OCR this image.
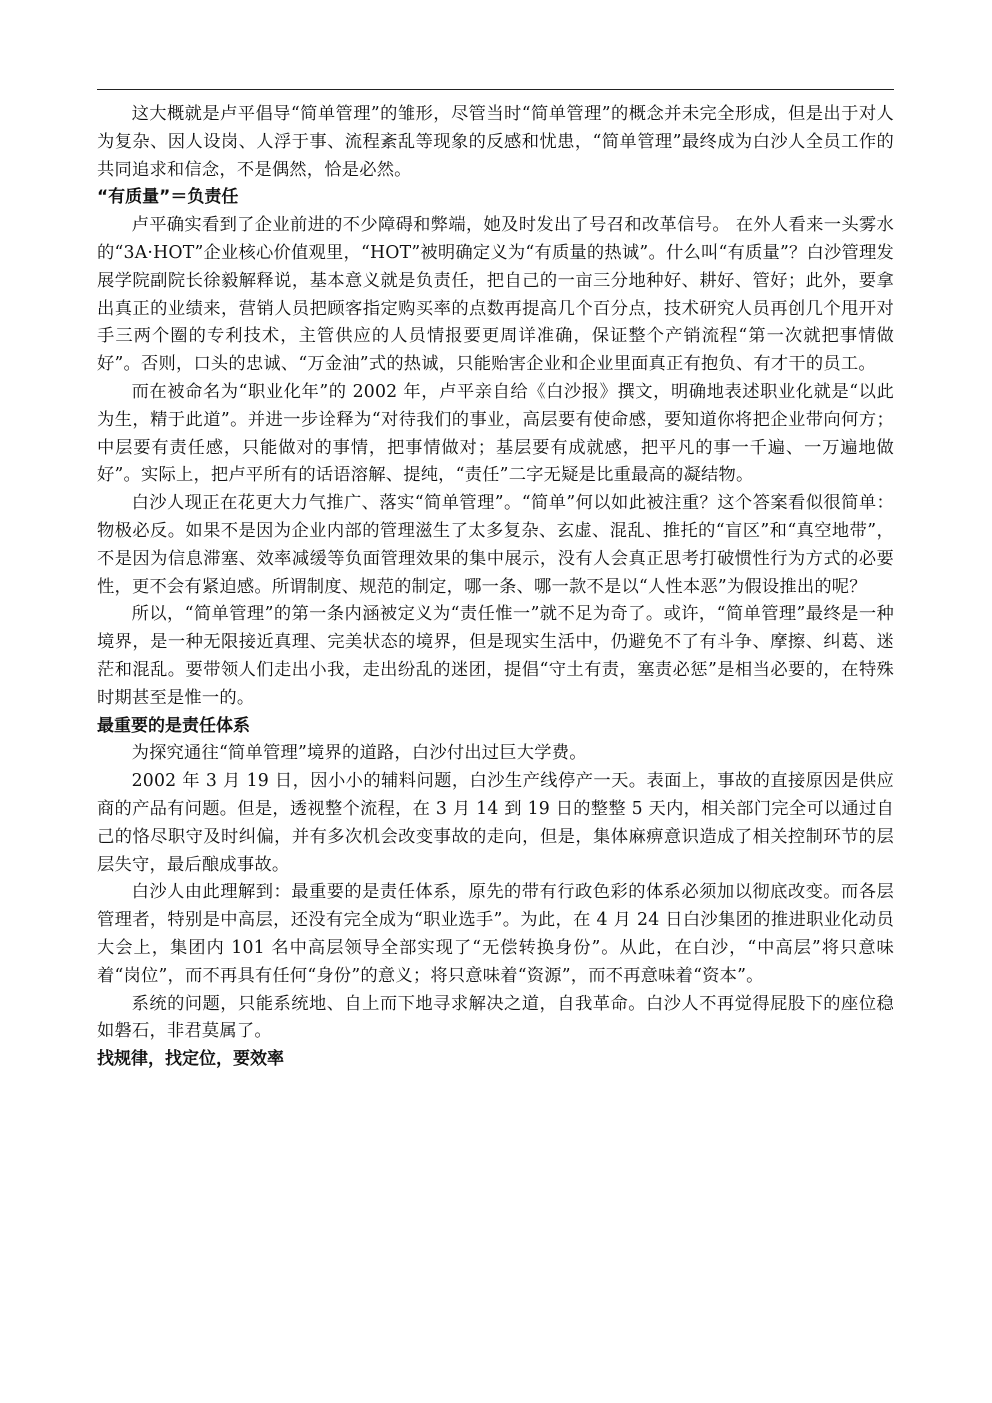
这大概就是卢平倡导“简单管理”的雏形，尽管当时“简单管理”的概念并未完全形成，但是出于对人为复杂、因人设岗、人浮于事、流程紊乱等现象的反感和忧患，“简单管理”最终成为白沙人全员工作的共同追求和信念，不是偶然，恰是必然。

“有质量”＝负责任

卢平确实看到了企业前进的不少障碍和弊端，她及时发出了号召和改革信号。 在外人看来一头雾水的“3A·HOT”企业核心价值观里，“HOT”被明确定义为“有质量的热诚”。什么叫“有质量”？白沙管理发展学院副院长徐毅解释说，基本意义就是负责任，把自己的一亩三分地种好、耕好、管好；此外，要拿出真正的业绩来，营销人员把顾客指定购买率的点数再提高几个百分点，技术研究人员再创几个甩开对手三两个圈的专利技术，主管供应的人员情报要更周详准确，保证整个产销流程“第一次就把事情做好”。否则，口头的忠诚、“万金油”式的热诚，只能贻害企业和企业里面真正有抱负、有才干的员工。

而在被命名为“职业化年”的 2002 年，卢平亲自给《白沙报》撰文，明确地表述职业化就是“以此为生，精于此道”。并进一步诠释为“对待我们的事业，高层要有使命感，要知道你将把企业带向何方；中层要有责任感，只能做对的事情，把事情做对；基层要有成就感，把平凡的事一千遍、一万遍地做好”。实际上，把卢平所有的话语溶解、提纯，“责任”二字无疑是比重最高的凝结物。

白沙人现正在花更大力气推广、落实“简单管理”。“简单”何以如此被注重？这个答案看似很简单：物极必反。如果不是因为企业内部的管理滋生了太多复杂、玄虚、混乱、推托的“盲区”和“真空地带”，不是因为信息滞塞、效率减缓等负面管理效果的集中展示，没有人会真正思考打破惯性行为方式的必要性，更不会有紧迫感。所谓制度、规范的制定，哪一条、哪一款不是以“人性本恶”为假设推出的呢？

所以，“简单管理”的第一条内涵被定义为“责任惟一”就不足为奇了。或许，“简单管理”最终是一种境界，是一种无限接近真理、完美状态的境界，但是现实生活中，仍避免不了有斗争、摩擦、纠葛、迷茫和混乱。要带领人们走出小我，走出纷乱的迷团，提倡“守土有责，塞责必惩”是相当必要的，在特殊时期甚至是惟一的。

最重要的是责任体系

为探究通往“简单管理”境界的道路，白沙付出过巨大学费。

2002 年 3 月 19 日，因小小的辅料问题，白沙生产线停产一天。表面上，事故的直接原因是供应商的产品有问题。但是，透视整个流程，在 3 月 14 到 19 日的整整 5 天内，相关部门完全可以通过自己的恪尽职守及时纠偏，并有多次机会改变事故的走向，但是，集体麻痹意识造成了相关控制环节的层层失守，最后酿成事故。

白沙人由此理解到：最重要的是责任体系，原先的带有行政色彩的体系必须加以彻底改变。而各层管理者，特别是中高层，还没有完全成为“职业选手”。为此，在 4 月 24 日白沙集团的推进职业化动员大会上，集团内 101 名中高层领导全部实现了“无偿转换身份”。从此，在白沙，“中高层”将只意味着“岗位”，而不再具有任何“身份”的意义；将只意味着“资源”，而不再意味着“资本”。

系统的问题，只能系统地、自上而下地寻求解决之道，自我革命。白沙人不再觉得屁股下的座位稳如磐石，非君莫属了。

找规律，找定位，要效率
